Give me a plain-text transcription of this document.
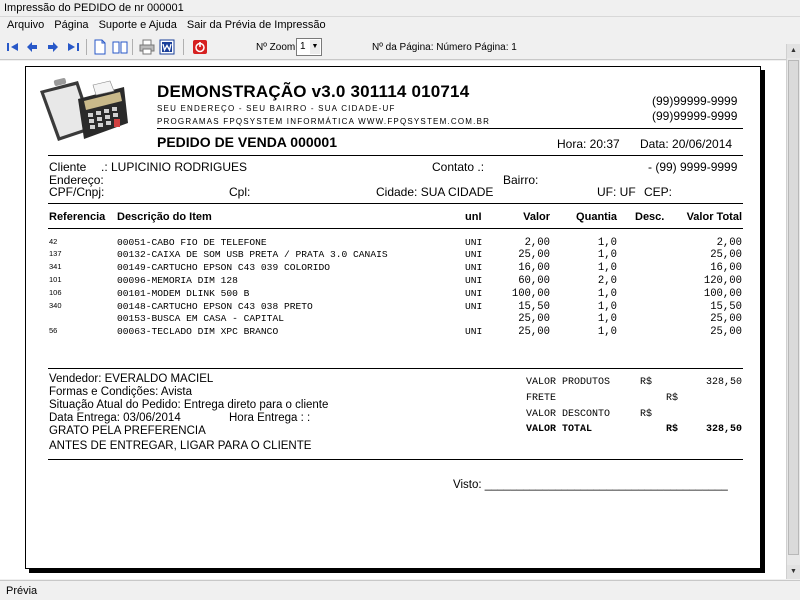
Impressão do PEDIDO de nr 000001
Arquivo Página Suporte e Ajuda Sair da Prévia de Impressão
Nº Zoom 1 ▼	Nº da Página: Número Página: 1	▲
▼
DEMONSTRAÇÃO v3.0 301114 010714
SEU ENDEREÇO - SEU BAIRRO - SUA CIDADE-UF
PROGRAMAS FPQSYSTEM INFORMÁTICA WWW.FPQSYSTEM.COM.BR
(99)99999-9999
(99)99999-9999
PEDIDO DE VENDA 000001	Hora: 20:37 Data: 20/06/2014
Cliente .: LUPICINIO RODRIGUES	Contato .:	- (99) 9999-9999
Endereço:	Bairro:
CPF/Cnpj:	Cpl:	Cidade: SUA CIDADE	UF: UF CEP:
Referencia Descrição do Item	unI	Valor	Quantia Desc.	Valor Total
42	00051-CABO FIO DE TELEFONE	UNI	2,00	1,0	2,00
137	00132-CAIXA DE SOM USB PRETA / PRATA 3.0 CANAIS	UNI	25,00	1,0	25,00
341	00149-CARTUCHO EPSON C43 039 COLORIDO	UNI	16,00	1,0	16,00
101	00096-MEMORIA DIM 128	UNI	60,00	2,0	120,00
106	00101-MODEM DLINK 500 B	UNI	100,00	1,0	100,00
340	00148-CARTUCHO EPSON C43 038 PRETO	UNI	15,50	1,0	15,50
00153-BUSCA EM CASA - CAPITAL	25,00	1,0	25,00
56	00063-TECLADO DIM XPC BRANCO	UNI	25,00	1,0	25,00
Vendedor: EVERALDO MACIEL
Formas e Condições: Avista
Situação Atual do Pedido: Entrega direto para o cliente
Data Entrega: 03/06/2014	Hora Entrega : :
GRATO PELA PREFERENCIA
ANTES DE ENTREGAR, LIGAR PARA O CLIENTE
VALOR PRODUTOS	R$	328,50
FRETE	R$
VALOR DESCONTO	R$
VALOR TOTAL	R$	328,50
Visto: ______________________________________
Prévia
